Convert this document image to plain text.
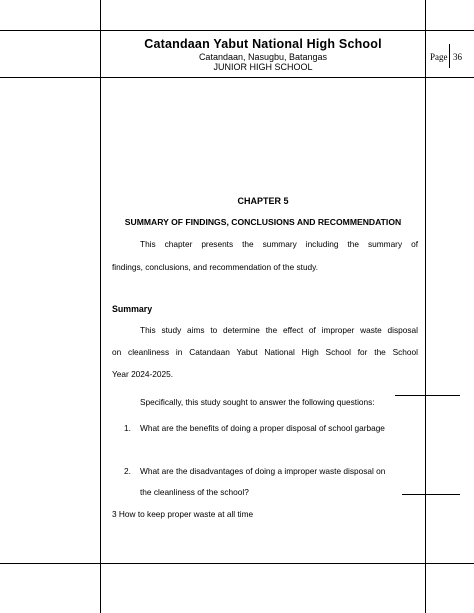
Catandaan Yabut National High School
Catandaan, Nasugbu, Batangas
JUNIOR HIGH SCHOOL
Page 36
CHAPTER 5
SUMMARY OF FINDINGS, CONCLUSIONS AND RECOMMENDATION
This chapter presents the summary including the summary of
findings, conclusions, and recommendation of the study.
Summary
This study aims to determine the effect of improper waste disposal
on cleanliness in Catandaan Yabut National High School for the School
Year 2024-2025.
Specifically, this study sought to answer the following questions:
1. What are the benefits of doing a proper disposal of school garbage
2. What are the disadvantages of doing a improper waste disposal on
the cleanliness of the school?
3 How to keep proper waste at all time
